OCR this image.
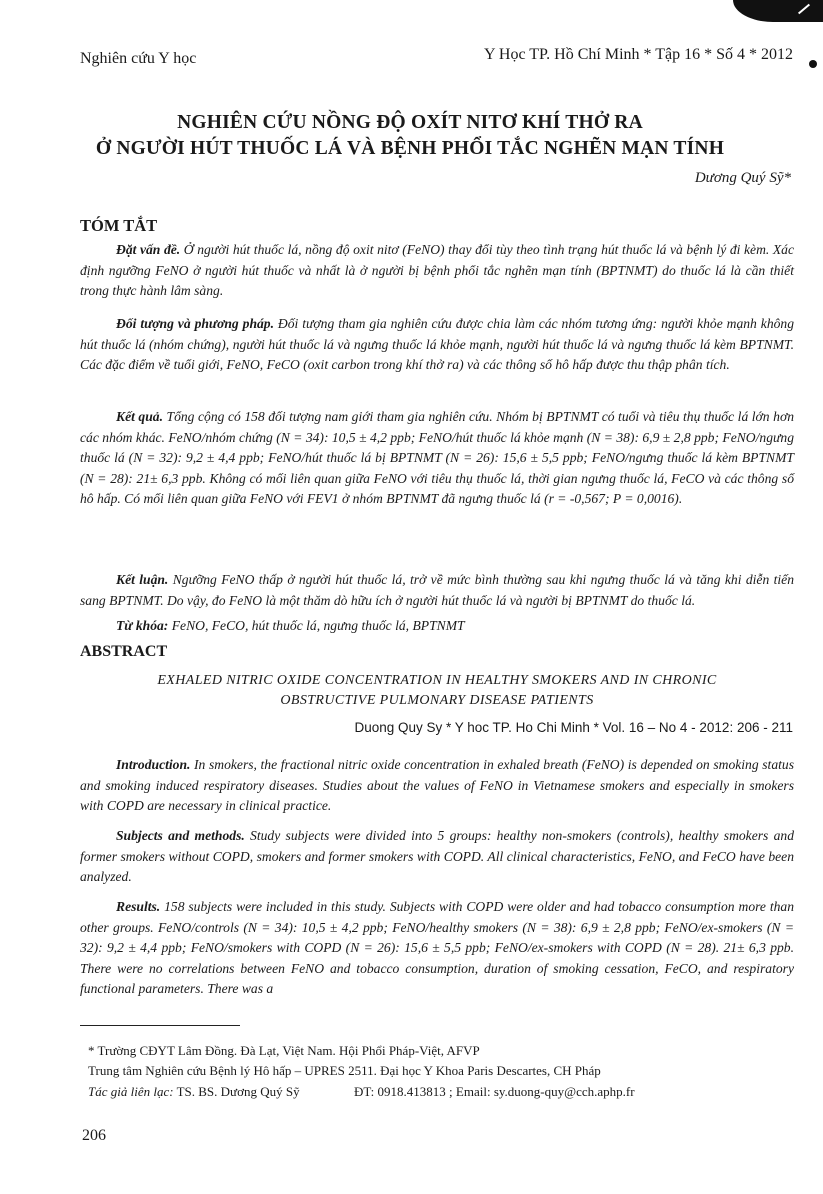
Nghiên cứu Y học	Y Học TP. Hồ Chí Minh * Tập 16 * Số 4 * 2012
NGHIÊN CỨU NỒNG ĐỘ OXÍT NITƠ KHÍ THỞ RA
Ở NGƯỜI HÚT THUỐC LÁ VÀ BỆNH PHỔI TẮC NGHẼN MẠN TÍNH
Dương Quý Sỹ*
TÓM TẮT

Đặt vấn đề. Ở người hút thuốc lá, nồng độ oxit nitơ (FeNO) thay đổi tùy theo tình trạng hút thuốc lá và bệnh lý đi kèm. Xác định ngưỡng FeNO ở người hút thuốc và nhất là ở người bị bệnh phổi tắc nghẽn mạn tính (BPTNMT) do thuốc lá là cần thiết trong thực hành lâm sàng.

Đối tượng và phương pháp. Đối tượng tham gia nghiên cứu được chia làm các nhóm tương ứng: người khỏe mạnh không hút thuốc lá (nhóm chứng), người hút thuốc lá và ngưng thuốc lá khỏe mạnh, người hút thuốc lá và ngưng thuốc lá kèm BPTNMT. Các đặc điểm về tuổi giới, FeNO, FeCO (oxit carbon trong khí thở ra) và các thông số hô hấp được thu thập phân tích.

Kết quả. Tổng cộng có 158 đối tượng nam giới tham gia nghiên cứu. Nhóm bị BPTNMT có tuổi và tiêu thụ thuốc lá lớn hơn các nhóm khác. FeNO/nhóm chứng (N = 34): 10,5 ± 4,2 ppb; FeNO/hút thuốc lá khỏe mạnh (N = 38): 6,9 ± 2,8 ppb; FeNO/ngưng thuốc lá (N = 32): 9,2 ± 4,4 ppb; FeNO/hút thuốc lá bị BPTNMT (N = 26): 15,6 ± 5,5 ppb; FeNO/ngưng thuốc lá kèm BPTNMT (N = 28): 21± 6,3 ppb. Không có mối liên quan giữa FeNO với tiêu thụ thuốc lá, thời gian ngưng thuốc lá, FeCO và các thông số hô hấp. Có mối liên quan giữa FeNO với FEV1 ở nhóm BPTNMT đã ngưng thuốc lá (r = -0,567; P = 0,0016).

Kết luận. Ngưỡng FeNO thấp ở người hút thuốc lá, trở về mức bình thường sau khi ngưng thuốc lá và tăng khi diễn tiến sang BPTNMT. Do vậy, đo FeNO là một thăm dò hữu ích ở người hút thuốc lá và người bị BPTNMT do thuốc lá.

Từ khóa: FeNO, FeCO, hút thuốc lá, ngưng thuốc lá, BPTNMT

ABSTRACT
EXHALED NITRIC OXIDE CONCENTRATION IN HEALTHY SMOKERS AND IN CHRONIC
OBSTRUCTIVE PULMONARY DISEASE PATIENTS
Duong Quy Sy * Y hoc TP. Ho Chi Minh * Vol. 16 – No 4 - 2012: 206 - 211

Introduction. In smokers, the fractional nitric oxide concentration in exhaled breath (FeNO) is depended on smoking status and smoking induced respiratory diseases. Studies about the values of FeNO in Vietnamese smokers and especially in smokers with COPD are necessary in clinical practice.

Subjects and methods. Study subjects were divided into 5 groups: healthy non-smokers (controls), healthy smokers and former smokers without COPD, smokers and former smokers with COPD. All clinical characteristics, FeNO, and FeCO have been analyzed.

Results. 158 subjects were included in this study. Subjects with COPD were older and had tobacco consumption more than other groups. FeNO/controls (N = 34): 10,5 ± 4,2 ppb; FeNO/healthy smokers (N = 38): 6,9 ± 2,8 ppb; FeNO/ex-smokers (N = 32): 9,2 ± 4,4 ppb; FeNO/smokers with COPD (N = 26): 15,6 ± 5,5 ppb; FeNO/ex-smokers with COPD (N = 28). 21± 6,3 ppb. There were no correlations between FeNO and tobacco consumption, duration of smoking cessation, FeCO, and respiratory functional parameters. There was a

* Trường CĐYT Lâm Đồng. Đà Lạt, Việt Nam. Hội Phổi Pháp-Việt, AFVP
Trung tâm Nghiên cứu Bệnh lý Hô hấp – UPRES 2511. Đại học Y Khoa Paris Descartes, CH Pháp
Tác giả liên lạc: TS. BS. Dương Quý Sỹ	ĐT: 0918.413813 ; Email: sy.duong-quy@cch.aphp.fr
206
